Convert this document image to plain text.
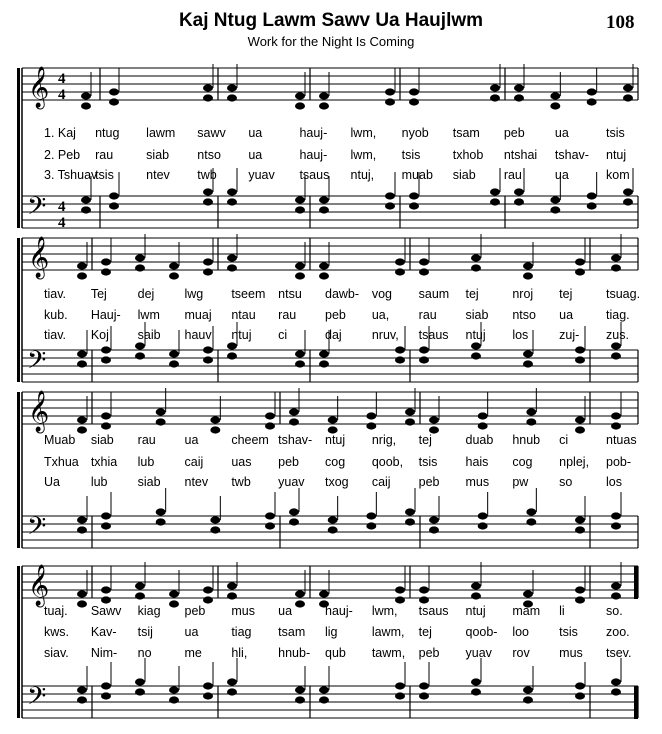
Kaj Ntug Lawm Sawv Ua Haujlwm
Work for the Night Is Coming
108
𝄞 4
4
𝄢 4
4
𝄞
𝄢
𝄞
𝄢
𝄞
𝄢
1. Kaj ntug lawm sawv ua	hauj- lwm, nyob tsam peb ua	tsis
2. Peb rau	siab ntso ua	hauj- lwm, tsis	txhob ntshai tshav- ntuj
3. Tshuav
tsis	ntev twb	yuav tsaus ntuj, muab siab rau	ua	kom
tiav. Tej dej lwg tseem ntsu dawb- vog saum tej	nroj tej	tsuag.
kub. Hauj- lwm muaj ntau rau peb ua, rau siab ntso ua	tiag.
tiav. Koj saib hauv ntuj ci	daj nruv, tsaus ntuj los zuj- zus.
Muab siab rau ua	cheem tshav- ntuj nrig, tej	duab hnub ci	ntuas
Txhua txhia lub caij uas peb cog qoob, tsis hais cog nplej, pob-
Ua lub siab ntev twb yuav txog caij peb mus pw so	los
tuaj. Sawv kiag peb mus ua	hauj- lwm, tsaus ntuj mam li	so.
kws. Kav- tsij	ua	tiag tsam lig	lawm, tej	qoob- loo tsis zoo.
siav. Nim- no	me hli, hnub- qub tawm, peb yuav rov mus tsev.
